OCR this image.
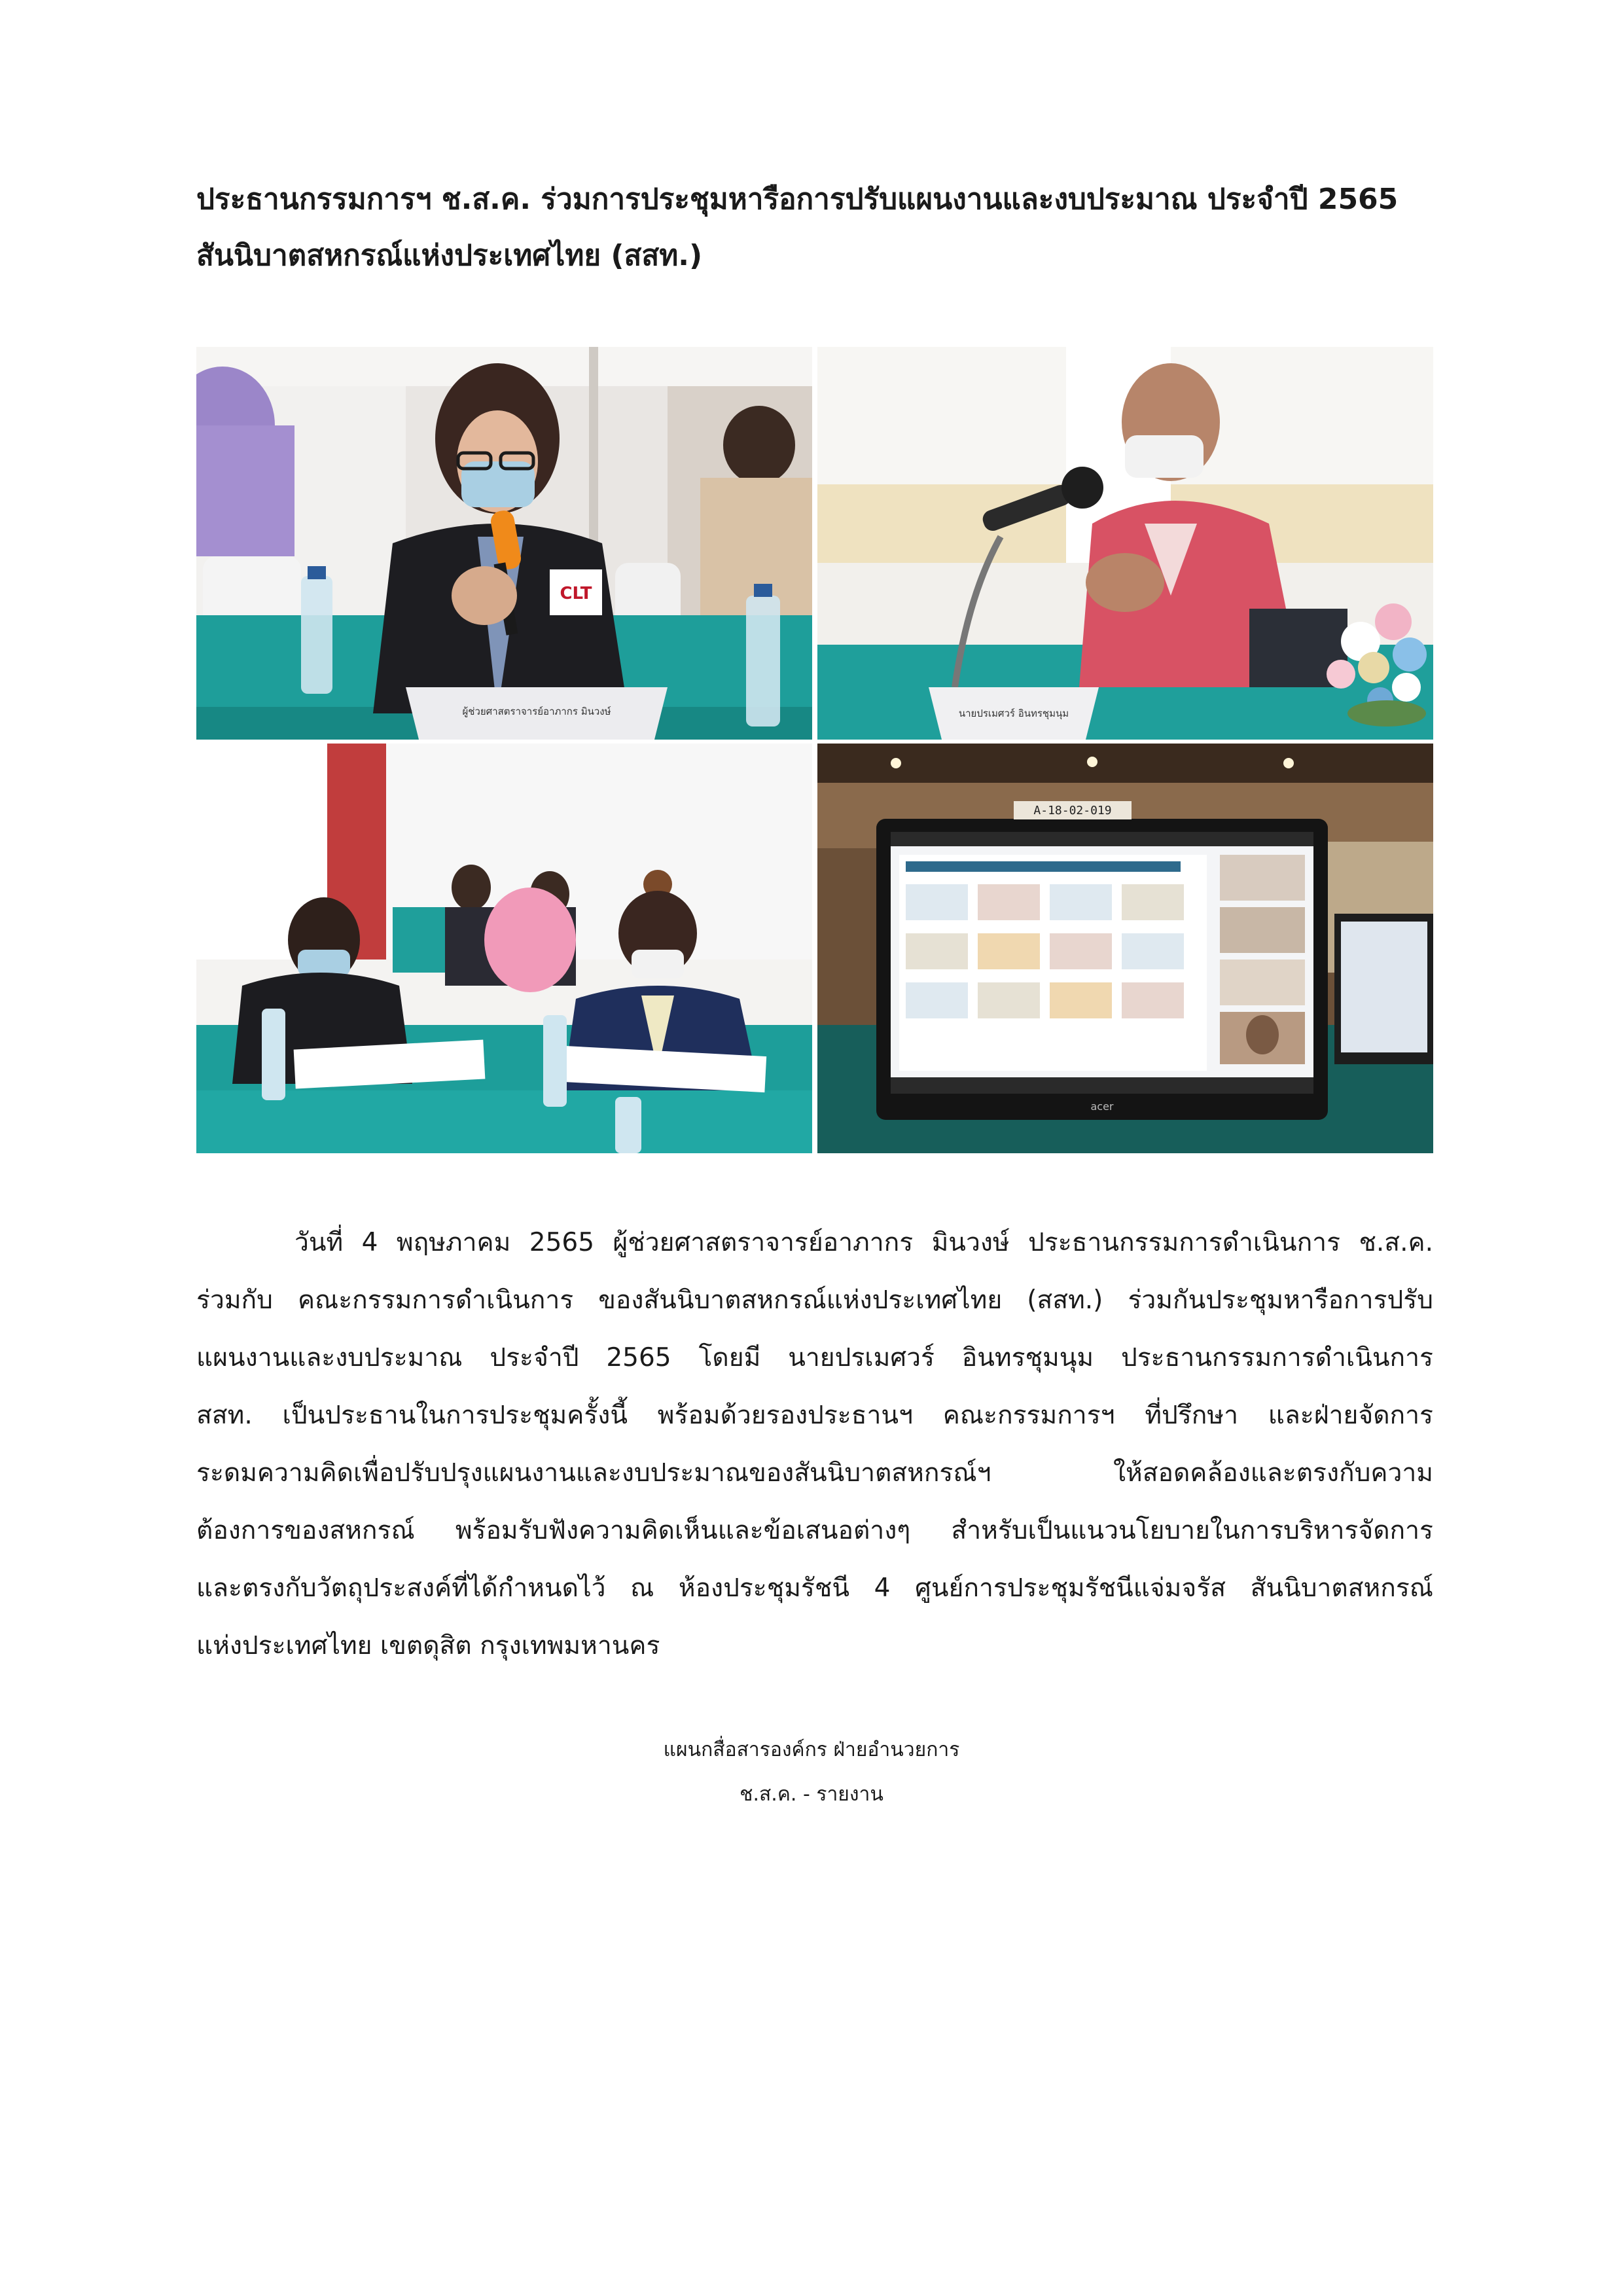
ประธานกรรมการฯ ช.ส.ค. ร่วมการประชุมหารือการปรับแผนงานและงบประมาณ ประจำปี 2565
สันนิบาตสหกรณ์แห่งประเทศไทย (สสท.)
CLT
ผู้ช่วยศาสตราจารย์อาภากร มินวงษ์	นายปรเมศวร์ อินทรชุมนุม
A-18-02-019
acer

วันที่ 4 พฤษภาคม 2565 ผู้ช่วยศาสตราจารย์อาภากร มินวงษ์ ประธานกรรมการดำเนินการ ช.ส.ค.
ร่วมกับ คณะกรรมการดำเนินการ ของสันนิบาตสหกรณ์แห่งประเทศไทย (สสท.) ร่วมกันประชุมหารือการปรับ
แผนงานและงบประมาณ ประจำปี 2565 โดยมี นายปรเมศวร์ อินทรชุมนุม ประธานกรรมการดำเนินการ
สสท. เป็นประธานในการประชุมครั้งนี้ พร้อมด้วยรองประธานฯ คณะกรรมการฯ ที่ปรึกษา และฝ่ายจัดการ
ระดมความคิดเพื่อปรับปรุงแผนงานและงบประมาณของสันนิบาตสหกรณ์ฯ ให้สอดคล้องและตรงกับความ
ต้องการของสหกรณ์ พร้อมรับฟังความคิดเห็นและข้อเสนอต่างๆ สำหรับเป็นแนวนโยบายในการบริหารจัดการ
และตรงกับวัตถุประสงค์ที่ได้กำหนดไว้ ณ ห้องประชุมรัชนี 4 ศูนย์การประชุมรัชนีแจ่มจรัส สันนิบาตสหกรณ์
แห่งประเทศไทย เขตดุสิต กรุงเทพมหานคร

แผนกสื่อสารองค์กร ฝ่ายอำนวยการ
ช.ส.ค. - รายงาน
